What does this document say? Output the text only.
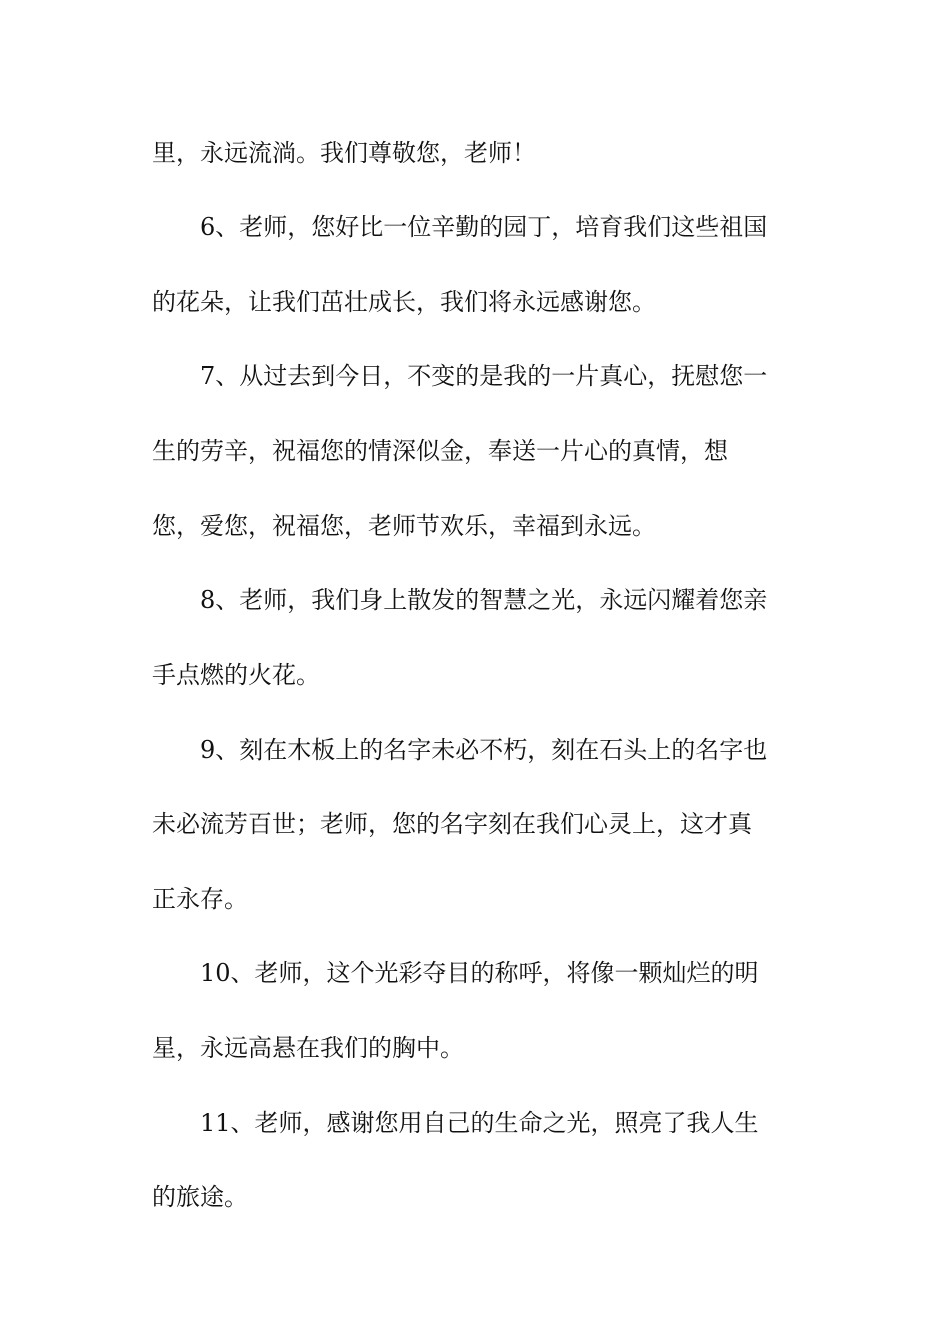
里，永远流淌。我们尊敬您，老师！
6、老师，您好比一位辛勤的园丁，培育我们这些祖国
的花朵，让我们茁壮成长，我们将永远感谢您。
7、从过去到今日，不变的是我的一片真心，抚慰您一
生的劳辛，祝福您的情深似金，奉送一片心的真情，想
您，爱您，祝福您，老师节欢乐，幸福到永远。
8、老师，我们身上散发的智慧之光，永远闪耀着您亲
手点燃的火花。
9、刻在木板上的名字未必不朽，刻在石头上的名字也
未必流芳百世；老师，您的名字刻在我们心灵上，这才真
正永存。
10、老师，这个光彩夺目的称呼，将像一颗灿烂的明
星，永远高悬在我们的胸中。
11、老师，感谢您用自己的生命之光，照亮了我人生
的旅途。
